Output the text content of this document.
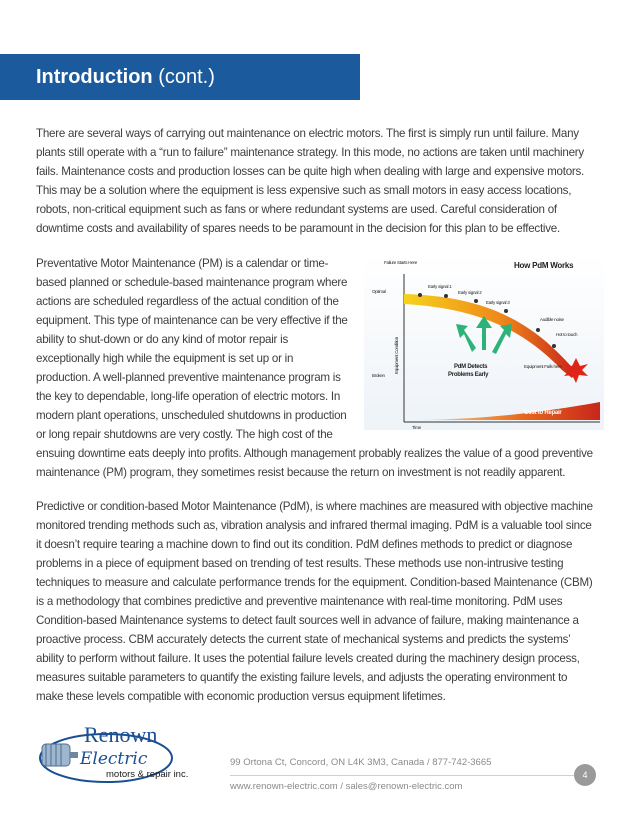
Introduction (cont.)

There are several ways of carrying out maintenance on electric motors. The first is simply run until failure. Many plants still operate with a “run to failure” maintenance strategy. In this mode, no actions are taken until machinery fails. Maintenance costs and production losses can be quite high when dealing with large and expensive motors. This may be a solution where the equipment is less expensive such as small motors in easy access locations, robots, non-critical equipment such as fans or where redundant systems are used. Careful consideration of downtime costs and availability of spares needs to be paramount in the decision for this plan to be effective.

How PdM Works
Failure Starts Here
Optimal
Broken
Early signal 1
Early signal 2
Early signal 3
Audible noise
Hot to touch
Equipment Fails here
PdM Detects
Problems Early
Cost to Repair
Time
Equipment Condition

Preventative Motor Maintenance (PM) is a calendar or time-based planned or schedule-based maintenance program where actions are scheduled regardless of the actual condition of the equipment. This type of maintenance can be very effective if the ability to shut-down or do any kind of motor repair is exceptionally high while the equipment is set up or in production. A well-planned preventive maintenance program is the key to dependable, long-life operation of electric motors. In modern plant operations, unscheduled shutdowns in production or long repair shutdowns are very costly. The high cost of the ensuing downtime eats deeply into profits. Although management probably realizes the value of a good preventive maintenance (PM) program, they sometimes resist because the return on investment is not readily apparent.

Predictive or condition-based Motor Maintenance (PdM), is where machines are measured with objective machine monitored trending methods such as, vibration analysis and infrared thermal imaging. PdM is a valuable tool since it doesn’t require tearing a machine down to find out its condition. PdM defines methods to predict or diagnose problems in a piece of equipment based on trending of test results. These methods use non-intrusive testing techniques to measure and calculate performance trends for the equipment. Condition-based Maintenance (CBM) is a methodology that combines predictive and preventive maintenance with real-time monitoring. PdM uses Condition-based Maintenance systems to detect fault sources well in advance of failure, making maintenance a proactive process. CBM accurately detects the current state of mechanical systems and predicts the systems’ ability to perform without failure. It uses the potential failure levels created during the machinery design process, measures suitable parameters to quantify the existing failure levels, and adjusts the operating environment to make these levels compatible with economic production versus equipment lifetimes.

Renown
Electric
motors & repair inc.
99 Ortona Ct, Concord, ON L4K 3M3, Canada / 877-742-3665
www.renown-electric.com / sales@renown-electric.com
4
